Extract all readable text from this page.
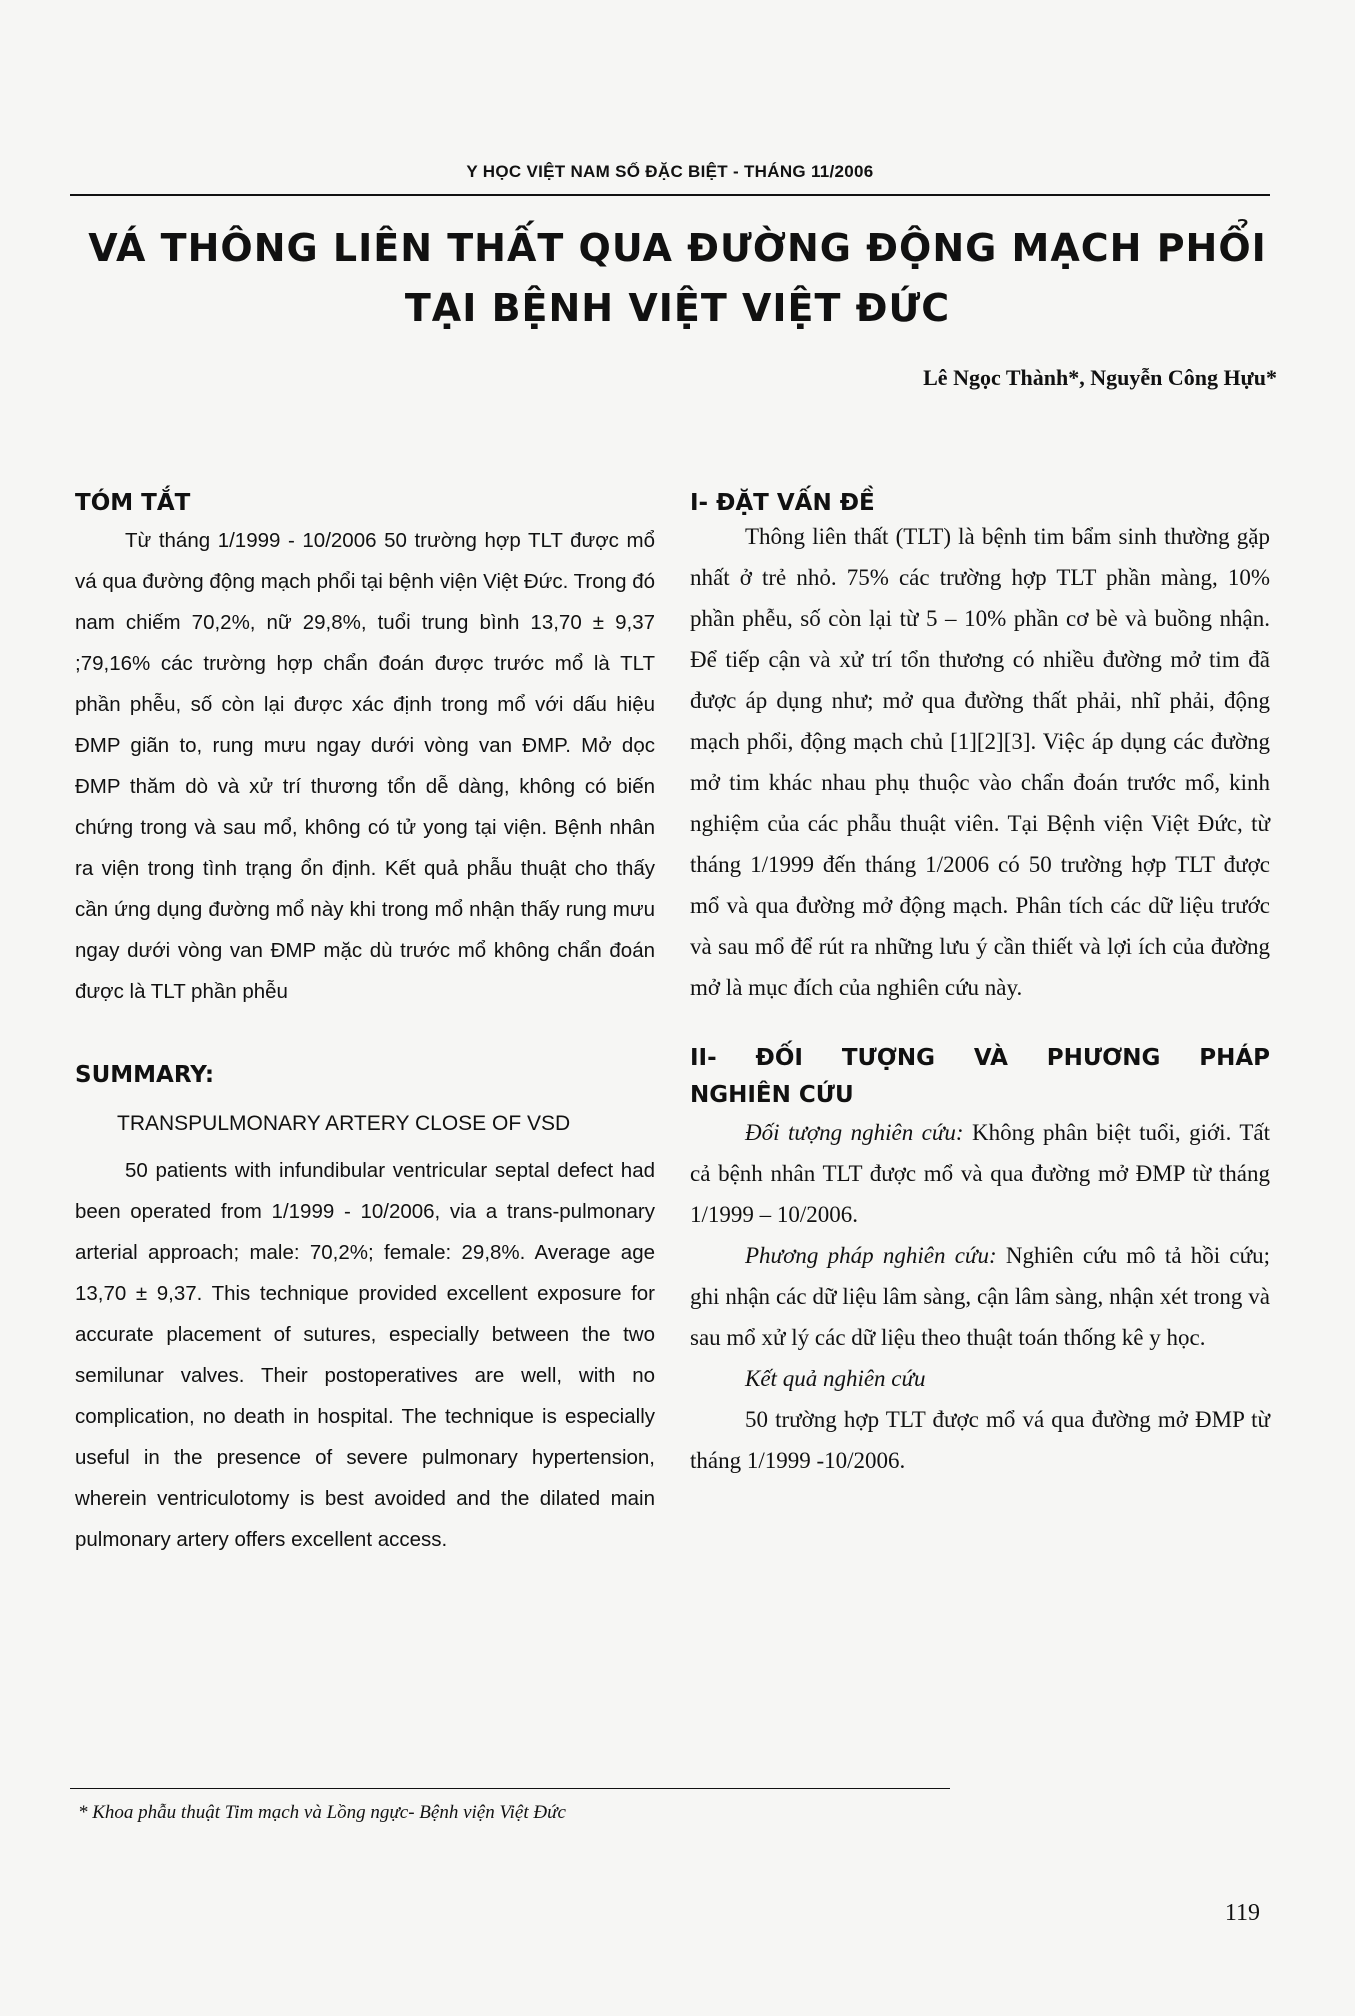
Y HỌC VIỆT NAM SỐ ĐẶC BIỆT - THÁNG 11/2006
VÁ THÔNG LIÊN THẤT QUA ĐƯỜNG ĐỘNG MẠCH PHỔI
TẠI BỆNH VIỆT VIỆT ĐỨC
Lê Ngọc Thành*, Nguyễn Công Hựu*
TÓM TẮT

Từ tháng 1/1999 - 10/2006 50 trường hợp TLT được mổ vá qua đường động mạch phổi tại bệnh viện Việt Đức. Trong đó nam chiếm 70,2%, nữ 29,8%, tuổi trung bình 13,70 ± 9,37 ;79,16% các trường hợp chẩn đoán được trước mổ là TLT phần phễu, số còn lại được xác định trong mổ với dấu hiệu ĐMP giãn to, rung mưu ngay dưới vòng van ĐMP. Mở dọc ĐMP thăm dò và xử trí thương tổn dễ dàng, không có biến chứng trong và sau mổ, không có tử yong tại viện. Bệnh nhân ra viện trong tình trạng ổn định. Kết quả phẫu thuật cho thấy cần ứng dụng đường mổ này khi trong mổ nhận thấy rung mưu ngay dưới vòng van ĐMP mặc dù trước mổ không chẩn đoán được là TLT phần phễu

SUMMARY:
TRANSPULMONARY ARTERY CLOSE OF VSD

50 patients with infundibular ventricular septal defect had been operated from 1/1999 - 10/2006, via a trans-pulmonary arterial approach; male: 70,2%; female: 29,8%. Average age 13,70 ± 9,37. This technique provided excellent exposure for accurate placement of sutures, especially between the two semilunar valves. Their postoperatives are well, with no complication, no death in hospital. The technique is especially useful in the presence of severe pulmonary hypertension, wherein ventriculotomy is best avoided and the dilated main pulmonary artery offers excellent access.

I- ĐẶT VẤN ĐỀ

Thông liên thất (TLT) là bệnh tim bẩm sinh thường gặp nhất ở trẻ nhỏ. 75% các trường hợp TLT phần màng, 10% phần phễu, số còn lại từ 5 – 10% phần cơ bè và buồng nhận. Để tiếp cận và xử trí tổn thương có nhiều đường mở tim đã được áp dụng như; mở qua đường thất phải, nhĩ phải, động mạch phổi, động mạch chủ [1][2][3]. Việc áp dụng các đường mở tim khác nhau phụ thuộc vào chẩn đoán trước mổ, kinh nghiệm của các phẫu thuật viên. Tại Bệnh viện Việt Đức, từ tháng 1/1999 đến tháng 1/2006 có 50 trường hợp TLT được mổ và qua đường mở động mạch. Phân tích các dữ liệu trước và sau mổ để rút ra những lưu ý cần thiết và lợi ích của đường mở là mục đích của nghiên cứu này.

II- ĐỐI TƯỢNG VÀ PHƯƠNG PHÁP
NGHIÊN CỨU

Đối tượng nghiên cứu: Không phân biệt tuổi, giới. Tất cả bệnh nhân TLT được mổ và qua đường mở ĐMP từ tháng 1/1999 – 10/2006.

Phương pháp nghiên cứu: Nghiên cứu mô tả hồi cứu; ghi nhận các dữ liệu lâm sàng, cận lâm sàng, nhận xét trong và sau mổ xử lý các dữ liệu theo thuật toán thống kê y học.

Kết quả nghiên cứu

50 trường hợp TLT được mổ vá qua đường mở ĐMP từ tháng 1/1999 -10/2006.

* Khoa phẫu thuật Tim mạch và Lồng ngực- Bệnh viện Việt Đức
119
